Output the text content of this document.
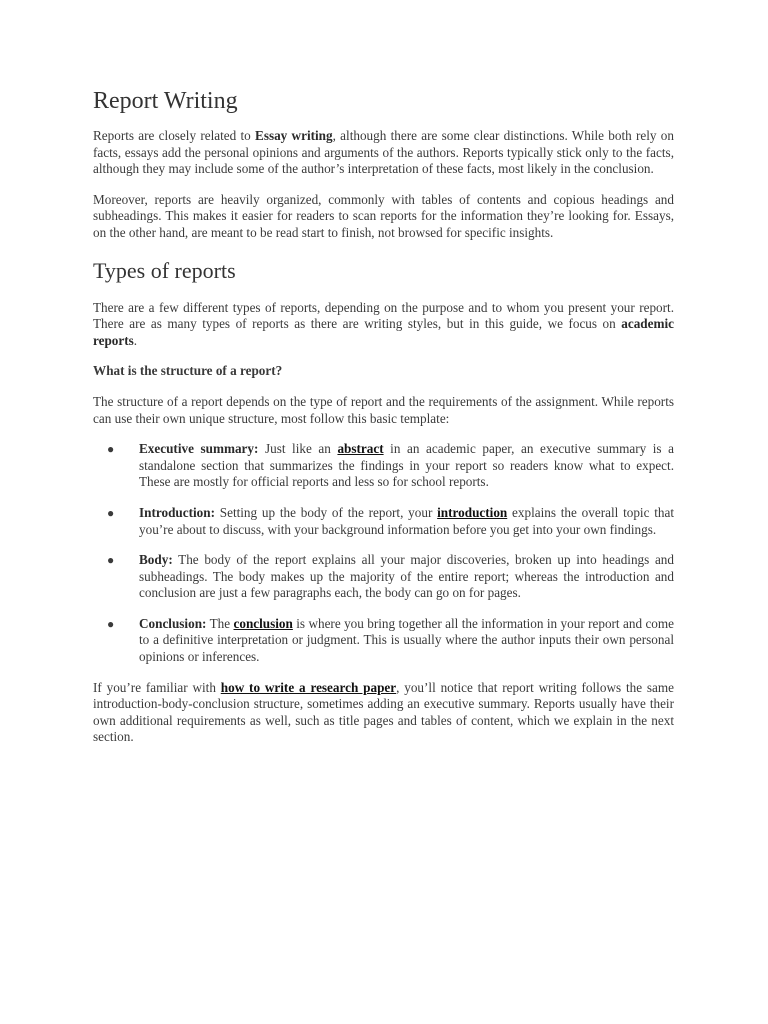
Report Writing

Reports are closely related to Essay writing, although there are some clear distinctions. While both rely on facts, essays add the personal opinions and arguments of the authors. Reports typically stick only to the facts, although they may include some of the author’s interpretation of these facts, most likely in the conclusion.

Moreover, reports are heavily organized, commonly with tables of contents and copious headings and subheadings. This makes it easier for readers to scan reports for the information they’re looking for. Essays, on the other hand, are meant to be read start to finish, not browsed for specific insights.

Types of reports

There are a few different types of reports, depending on the purpose and to whom you present your report. There are as many types of reports as there are writing styles, but in this guide, we focus on academic reports.

What is the structure of a report?

The structure of a report depends on the type of report and the requirements of the assignment. While reports can use their own unique structure, most follow this basic template:

● Executive summary: Just like an abstract in an academic paper, an executive summary is a standalone section that summarizes the findings in your report so readers know what to expect. These are mostly for official reports and less so for school reports.
● Introduction: Setting up the body of the report, your introduction explains the overall topic that you’re about to discuss, with your background information before you get into your own findings.
● Body: The body of the report explains all your major discoveries, broken up into headings and subheadings. The body makes up the majority of the entire report; whereas the introduction and conclusion are just a few paragraphs each, the body can go on for pages.
● Conclusion: The conclusion is where you bring together all the information in your report and come to a definitive interpretation or judgment. This is usually where the author inputs their own personal opinions or inferences.

If you’re familiar with how to write a research paper, you’ll notice that report writing follows the same introduction-body-conclusion structure, sometimes adding an executive summary. Reports usually have their own additional requirements as well, such as title pages and tables of content, which we explain in the next section.
